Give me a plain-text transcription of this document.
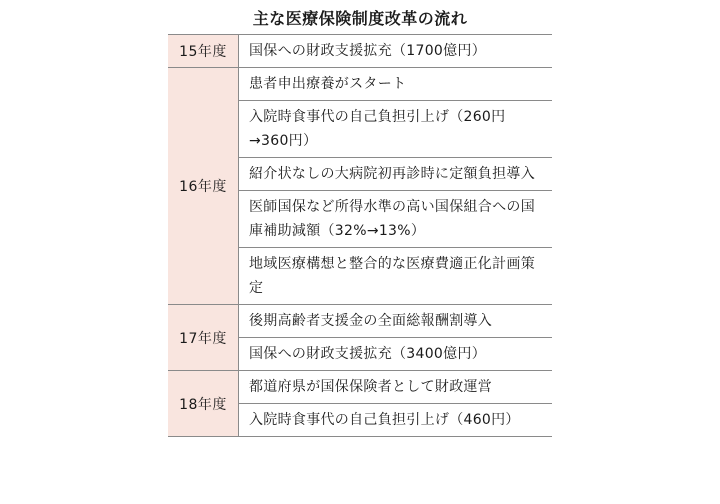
主な医療保険制度改革の流れ
15年度	国保への財政支援拡充（1700億円）
16年度
患者申出療養がスタート
入院時食事代の自己負担引上げ（260円→360円）
紹介状なしの大病院初再診時に定額負担導入
医師国保など所得水準の高い国保組合への国庫補助減額（32%→13%）
地域医療構想と整合的な医療費適正化計画策定
17年度
後期高齢者支援金の全面総報酬割導入
国保への財政支援拡充（3400億円）
18年度
都道府県が国保保険者として財政運営
入院時食事代の自己負担引上げ（460円）
